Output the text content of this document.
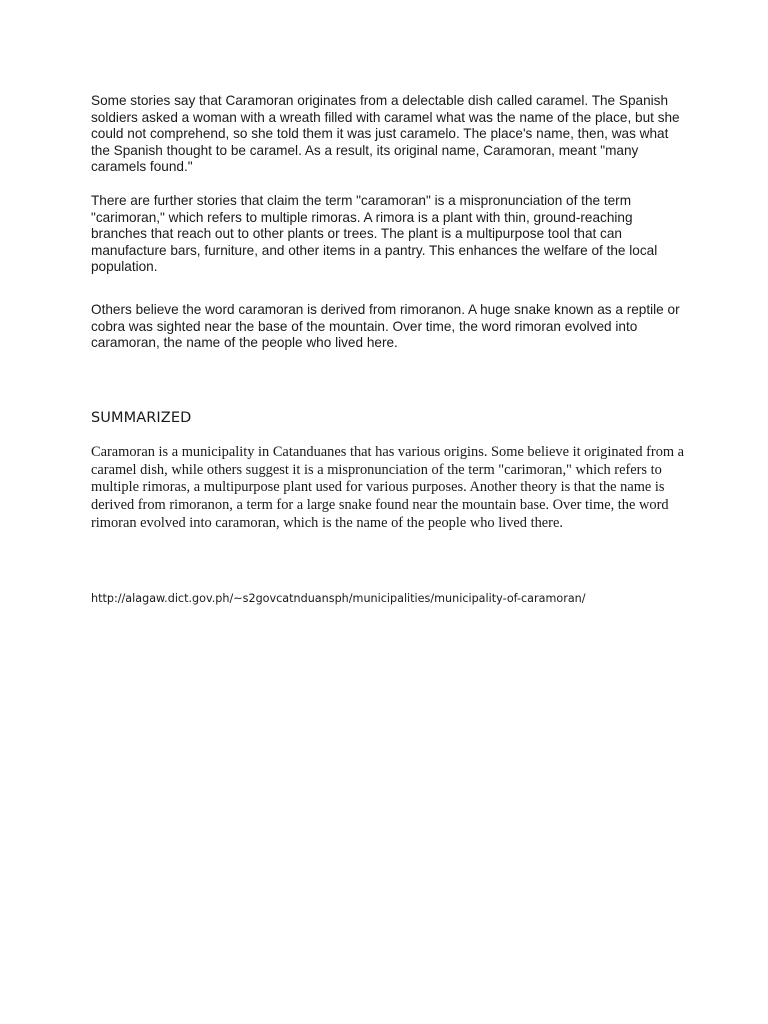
Some stories say that Caramoran originates from a delectable dish called caramel. The Spanish soldiers asked a woman with a wreath filled with caramel what was the name of the place, but she could not comprehend, so she told them it was just caramelo. The place's name, then, was what the Spanish thought to be caramel. As a result, its original name, Caramoran, meant "many caramels found."

There are further stories that claim the term "caramoran" is a mispronunciation of the term "carimoran," which refers to multiple rimoras. A rimora is a plant with thin, ground-reaching branches that reach out to other plants or trees. The plant is a multipurpose tool that can manufacture bars, furniture, and other items in a pantry. This enhances the welfare of the local population.

Others believe the word caramoran is derived from rimoranon. A huge snake known as a reptile or cobra was sighted near the base of the mountain. Over time, the word rimoran evolved into caramoran, the name of the people who lived here.

SUMMARIZED

Caramoran is a municipality in Catanduanes that has various origins. Some believe it originated from a caramel dish, while others suggest it is a mispronunciation of the term "carimoran," which refers to multiple rimoras, a multipurpose plant used for various purposes. Another theory is that the name is derived from rimoranon, a term for a large snake found near the mountain base. Over time, the word rimoran evolved into caramoran, which is the name of the people who lived there.

http://alagaw.dict.gov.ph/~s2govcatnduansph/municipalities/municipality-of-caramoran/
